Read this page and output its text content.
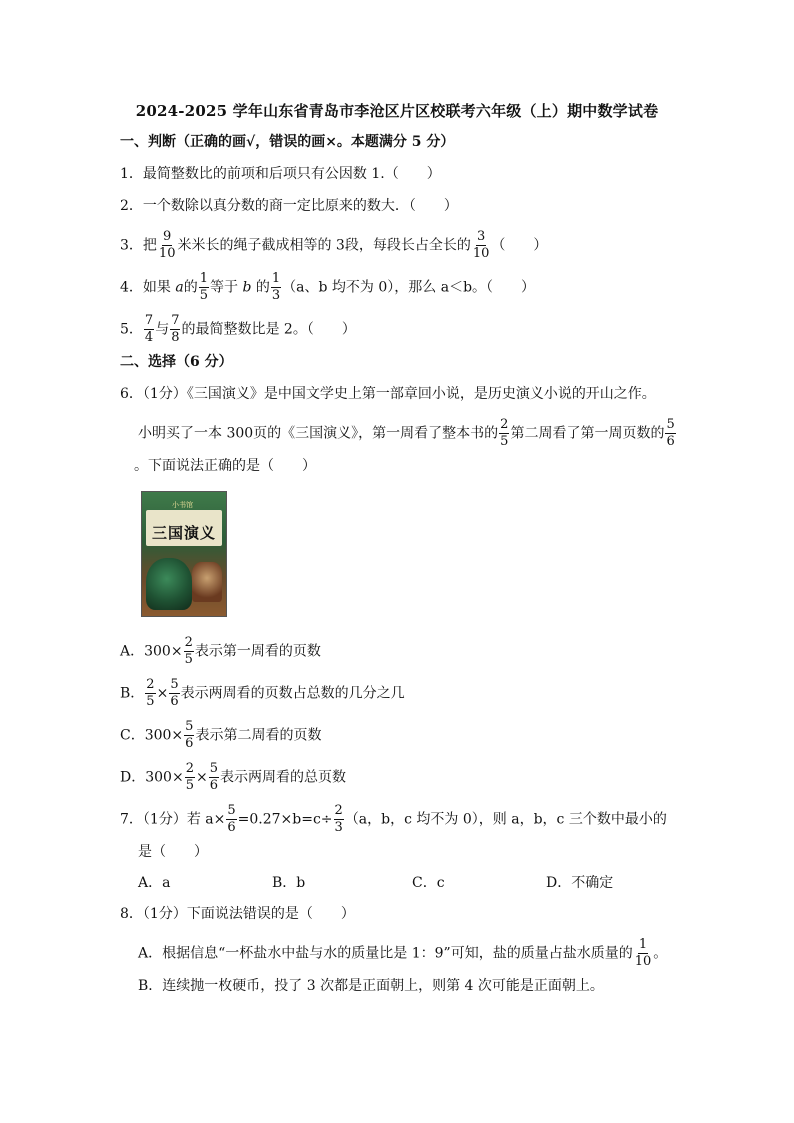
2024-2025 学年山东省青岛市李沧区片区校联考六年级（上）期中数学试卷
一、判断（正确的画√，错误的画×。本题满分 5 分）
1．最简整数比的前项和后项只有公因数 1.（　　）
2．一个数除以真分数的商一定比原来的数大．（　　）
3．把 $\frac{9}{10}$ 米米长的绳子截成相等的 3段，每段长占全长的 $\frac{3}{10}$ （　　）
4．如果 a的 $\frac{1}{5}$ 等于 b 的 $\frac{1}{3} (a$、b 均不为 0），那么 a＜b。（　　）
5． $\frac{7}{4}$ 与 $\frac{7}{8}$ 的最简整数比是 2。（　　）
二、选择（6 分）
6．（1分）《三国演义》是中国文学史上第一部章回小说，是历史演义小说的开山之作。
小明买了一本 300页的《三国演义》，第一周看了整本书的 $\frac{2}{5}$ 第二周看了第一周页数的 $\frac{5}{6}$
。下面说法正确的是（　　）
小书馆
三国演义
A．$300\times \frac{2}{5}$ 表示第一周看的页数
B． $\frac{2}{5} \times \frac{5}{6}$ 表示两周看的页数占总数的几分之几
C．$300\times \frac{5}{6}$ 表示第二周看的页数
D．$300\times \frac{2}{5} \times \frac{5}{6}$ 表示两周看的总页数
7．（1分）若 $a\times \frac{5}{6} =0.27\times b=c\div \frac{2}{3} (a$，b，c 均不为 0），则 a，b，c 三个数中最小的
是（　　）
A．a	B．b	C．c	D．不确定
8．（1分）下面说法错误的是（　　）
A．根据信息“一杯盐水中盐与水的质量比是 1：9”可知，盐的质量占盐水质量的 $\frac{1}{10}$ 。
B．连续抛一枚硬币，投了 3 次都是正面朝上，则第 4 次可能是正面朝上。
